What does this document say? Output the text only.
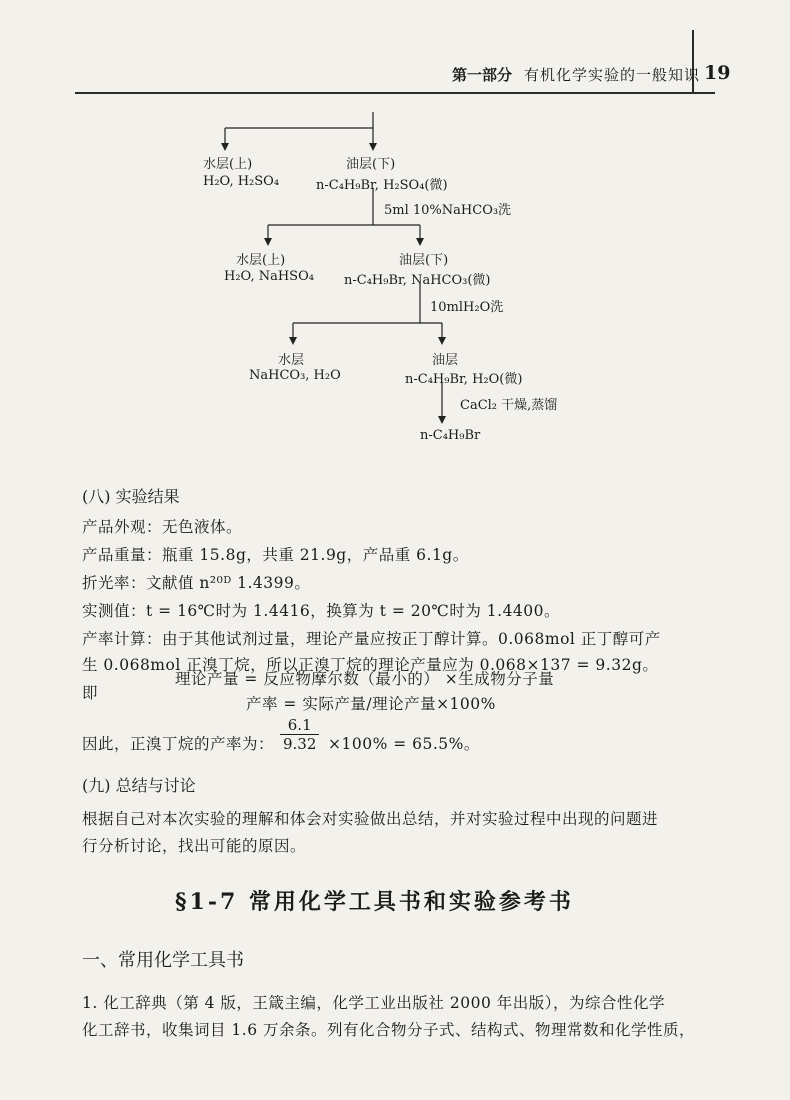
第一部分 有机化学实验的一般知识 19
水层(上)
H₂O, H₂SO₄
油层(下)
n-C₄H₉Br, H₂SO₄(微)
5ml 10%NaHCO₃洗
水层(上)
H₂O, NaHSO₄
油层(下)
n-C₄H₉Br, NaHCO₃(微)
10mlH₂O洗
水层
NaHCO₃, H₂O
油层
n-C₄H₉Br, H₂O(微)
CaCl₂ 干燥,蒸馏
n-C₄H₉Br
(八) 实验结果
产品外观：无色液体。
产品重量：瓶重 15.8g，共重 21.9g，产品重 6.1g。
折光率：文献值 n²⁰ᴰ 1.4399。
实测值：t = 16℃时为 1.4416，换算为 t = 20℃时为 1.4400。
产率计算：由于其他试剂过量，理论产量应按正丁醇计算。0.068mol 正丁醇可产
生 0.068mol 正溴丁烷，所以正溴丁烷的理论产量应为 0.068×137 = 9.32g。
即
理论产量 = 反应物摩尔数（最小的） ×生成物分子量
产率 = 实际产量/理论产量×100%
因此，正溴丁烷的产率为： $\frac{6.1}{9.32} \times 100\% = 65.5\%$。
(九) 总结与讨论
根据自己对本次实验的理解和体会对实验做出总结，并对实验过程中出现的问题进
行分析讨论，找出可能的原因。
§1-7 常用化学工具书和实验参考书
一、常用化学工具书
1. 化工辞典（第 4 版，王箴主编，化学工业出版社 2000 年出版），为综合性化学
化工辞书，收集词目 1.6 万余条。列有化合物分子式、结构式、物理常数和化学性质，
